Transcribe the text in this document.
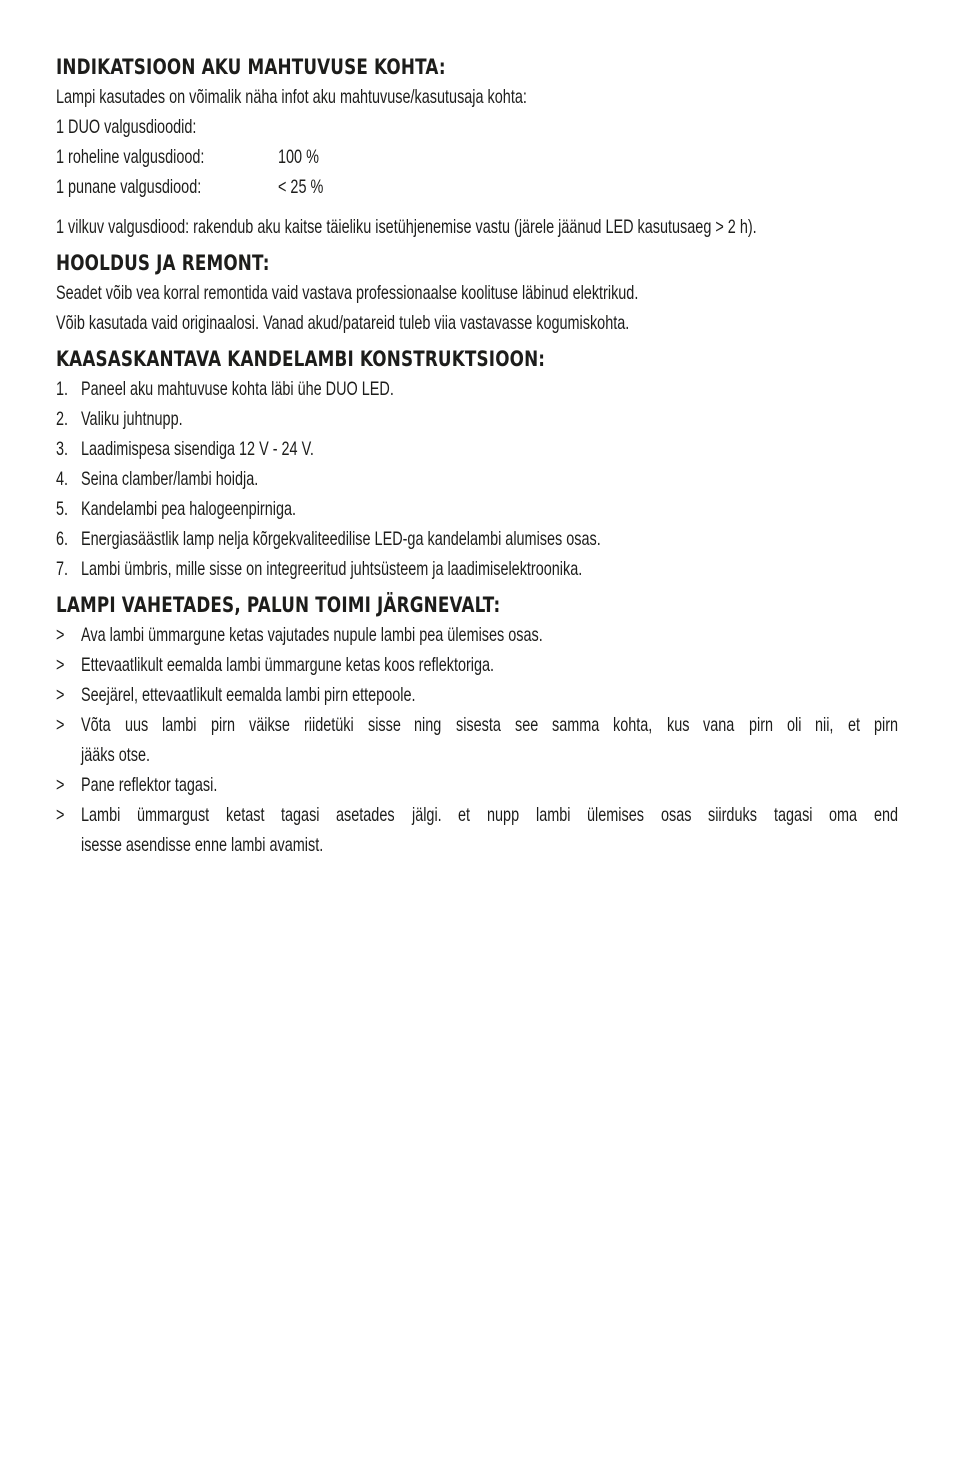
INDIKATSIOON AKU MAHTUVUSE KOHTA:
Lampi kasutades on võimalik näha infot aku mahtuvuse/kasutusaja kohta:
1 DUO valgusdioodid:
1 roheline valgusdiood:	100 %
1 punane valgusdiood:	< 25 %
1 vilkuv valgusdiood: rakendub aku kaitse täieliku isetühjenemise vastu (järele jäänud LED kasutusaeg > 2 h).
HOOLDUS JA REMONT:
Seadet võib vea korral remontida vaid vastava professionaalse koolituse läbinud elektrikud.
Võib kasutada vaid originaalosi. Vanad akud/patareid tuleb viia vastavasse kogumiskohta.
KAASASKANTAVA KANDELAMBI KONSTRUKTSIOON:
1. Paneel aku mahtuvuse kohta läbi ühe DUO LED.
2. Valiku juhtnupp.
3. Laadimispesa sisendiga 12 V - 24 V.
4. Seina clamber/lambi hoidja.
5. Kandelambi pea halogeenpirniga.
6. Energiasäästlik lamp nelja kõrgekvaliteedilise LED-ga kandelambi alumises osas.
7. Lambi ümbris, mille sisse on integreeritud juhtsüsteem ja laadimiselektroonika.
LAMPI VAHETADES, PALUN TOIMI JÄRGNEVALT:
> Ava lambi ümmargune ketas vajutades nupule lambi pea ülemises osas.
> Ettevaatlikult eemalda lambi ümmargune ketas koos reflektoriga.
> Seejärel, ettevaatlikult eemalda lambi pirn ettepoole.
> Võta uus lambi pirn väikse riidetüki sisse ning sisesta see samma kohta, kus vana pirn oli nii, et pirn
jääks otse.
> Pane reflektor tagasi.
> Lambi ümmargust ketast tagasi asetades jälgi. et nupp lambi ülemises osas siirduks tagasi oma end
isesse asendisse enne lambi avamist.
